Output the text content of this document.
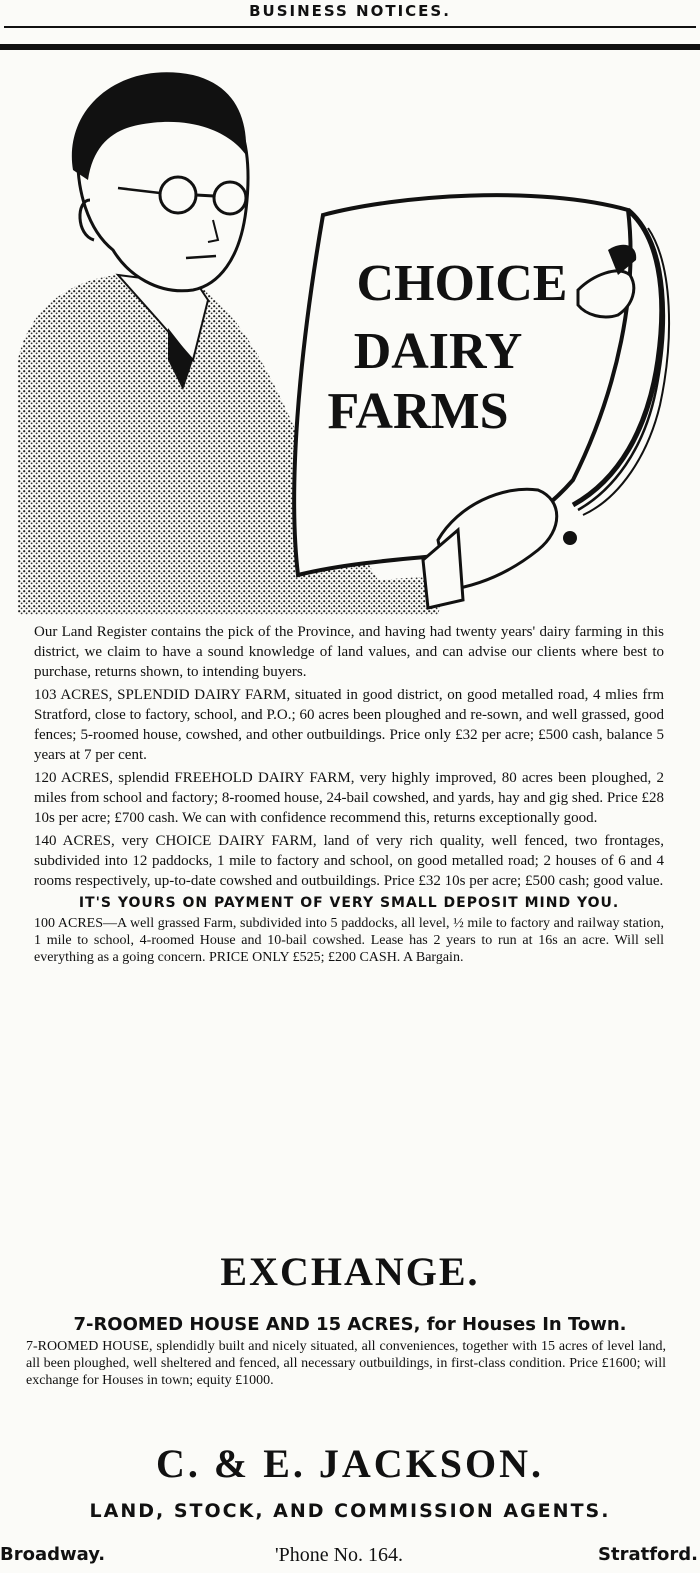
BUSINESS NOTICES.
CHOICE
DAIRY
FARMS

Our Land Register contains the pick of the Province, and having had twenty years' dairy farming in this district, we claim to have a sound knowledge of land values, and can advise our clients where best to purchase, returns shown, to intending buyers.

103 ACRES, SPLENDID DAIRY FARM, situated in good district, on good metalled road, 4 mlies frm Stratford, close to factory, school, and P.O.; 60 acres been ploughed and re-sown, and well grassed, good fences; 5-roomed house, cowshed, and other outbuildings. Price only £32 per acre; £500 cash, balance 5 years at 7 per cent.

120 ACRES, splendid FREEHOLD DAIRY FARM, very highly improved, 80 acres been ploughed, 2 miles from school and factory; 8-roomed house, 24-bail cowshed, and yards, hay and gig shed. Price £28 10s per acre; £700 cash. We can with confidence recommend this, returns exceptionally good.

140 ACRES, very CHOICE DAIRY FARM, land of very rich quality, well fenced, two frontages, subdivided into 12 paddocks, 1 mile to factory and school, on good metalled road; 2 houses of 6 and 4 rooms respectively, up-to-date cowshed and outbuildings. Price £32 10s per acre; £500 cash; good value.

IT'S YOURS ON PAYMENT OF VERY SMALL DEPOSIT MIND YOU.

100 ACRES—A well grassed Farm, subdivided into 5 paddocks, all level, ½ mile to factory and railway station, 1 mile to school, 4-roomed House and 10-bail cowshed. Lease has 2 years to run at 16s an acre. Will sell everything as a going concern. PRICE ONLY £525; £200 CASH. A Bargain.

EXCHANGE.
7-ROOMED HOUSE AND 15 ACRES, for Houses In Town.

7-ROOMED HOUSE, splendidly built and nicely situated, all conveniences, together with 15 acres of level land, all been ploughed, well sheltered and fenced, all necessary outbuildings, in first-class condition. Price £1600; will exchange for Houses in town; equity £1000.

C. & E. JACKSON.
LAND, STOCK, AND COMMISSION AGENTS.
Broadway.	'Phone No. 164.	Stratford.
